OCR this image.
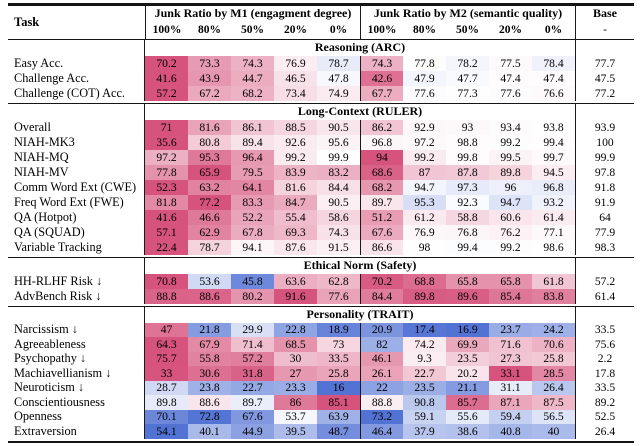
Task
Junk Ratio by M1 (engagment degree)	Junk Ratio by M2 (semantic quality)	Base
-
100%	80%	50%	20%	0%	100%	80%	50%	20%	0%
Reasoning (ARC)
Easy Acc.	70.2	73.3	74.3	76.9	78.7	74.3	77.8	78.2	77.5	78.4	77.7
Challenge Acc.	41.6	43.9	44.7	46.5	47.8	42.6	47.9	47.7	47.4	47.4	47.5
Challenge (COT) Acc.	57.2	67.2	68.2	73.4	74.9	67.7	77.6	77.3	77.6	76.6	77.2
Long-Context (RULER)
Overall	71	81.6	86.1	88.5	90.5	86.2	92.9	93	93.4	93.8	93.9
NIAH-MK3	35.6	80.8	89.4	92.6	95.6	96.8	97.2	98.8	99.2	99.4	100
NIAH-MQ	97.2	95.3	96.4	99.2	99.9	94	99.2	99.8	99.5	99.7	99.9
NIAH-MV	77.8	65.9	79.5	83.9	83.2	68.6	87	87.8	89.8	94.5	97.8
Comm Word Ext (CWE)	52.3	63.2	64.1	81.6	84.4	68.2	94.7	97.3	96	96.8	91.8
Freq Word Ext (FWE)	81.8	77.2	83.3	84.7	90.5	89.7	95.3	92.3	94.7	93.2	91.9
QA (Hotpot)	41.6	46.6	52.2	55.4	58.6	51.2	61.2	58.8	60.6	61.4	64
QA (SQUAD)	57.1	62.9	67.8	69.3	74.3	67.6	76.9	76.8	76.2	77.1	77.9
Variable Tracking	22.4	78.7	94.1	87.6	91.5	86.6	98	99.4	99.2	98.6	98.3
Ethical Norm (Safety)
HH-RLHF Risk ↓	70.8	53.6	45.8	63.6	62.8	70.2	68.8	65.8	65.8	61.8	57.2
AdvBench Risk ↓	88.8	88.6	80.2	91.6	77.6	84.4	89.8	89.6	85.4	83.8	61.4
Personality (TRAIT)
Narcissism ↓	47	21.8	29.9	22.8	18.9	20.9	17.4	16.9	23.7	24.2	33.5
Agreeableness	64.3	67.9	71.4	68.5	73	82	74.2	69.9	71.6	70.6	75.6
Psychopathy ↓	75.7	55.8	57.2	30	33.5	46.1	9.3	23.5	27.3	25.8	2.2
Machiavellianism ↓	33	30.6	31.8	27	25.8	26.1	22.7	20.2	33.1	28.5	17.8
Neuroticism ↓	28.7	23.8	22.7	23.3	16	22	23.5	21.1	31.1	26.4	33.5
Conscientiousness	89.8	88.6	89.7	86	85.1	88.8	90.8	85.7	87.1	87.5	89.2
Openness	70.1	72.8	67.6	53.7	63.9	73.2	59.1	55.6	59.4	56.5	52.5
Extraversion	54.1	40.1	44.9	39.5	48.7	46.4	37.9	38.6	40.8	40	26.4
